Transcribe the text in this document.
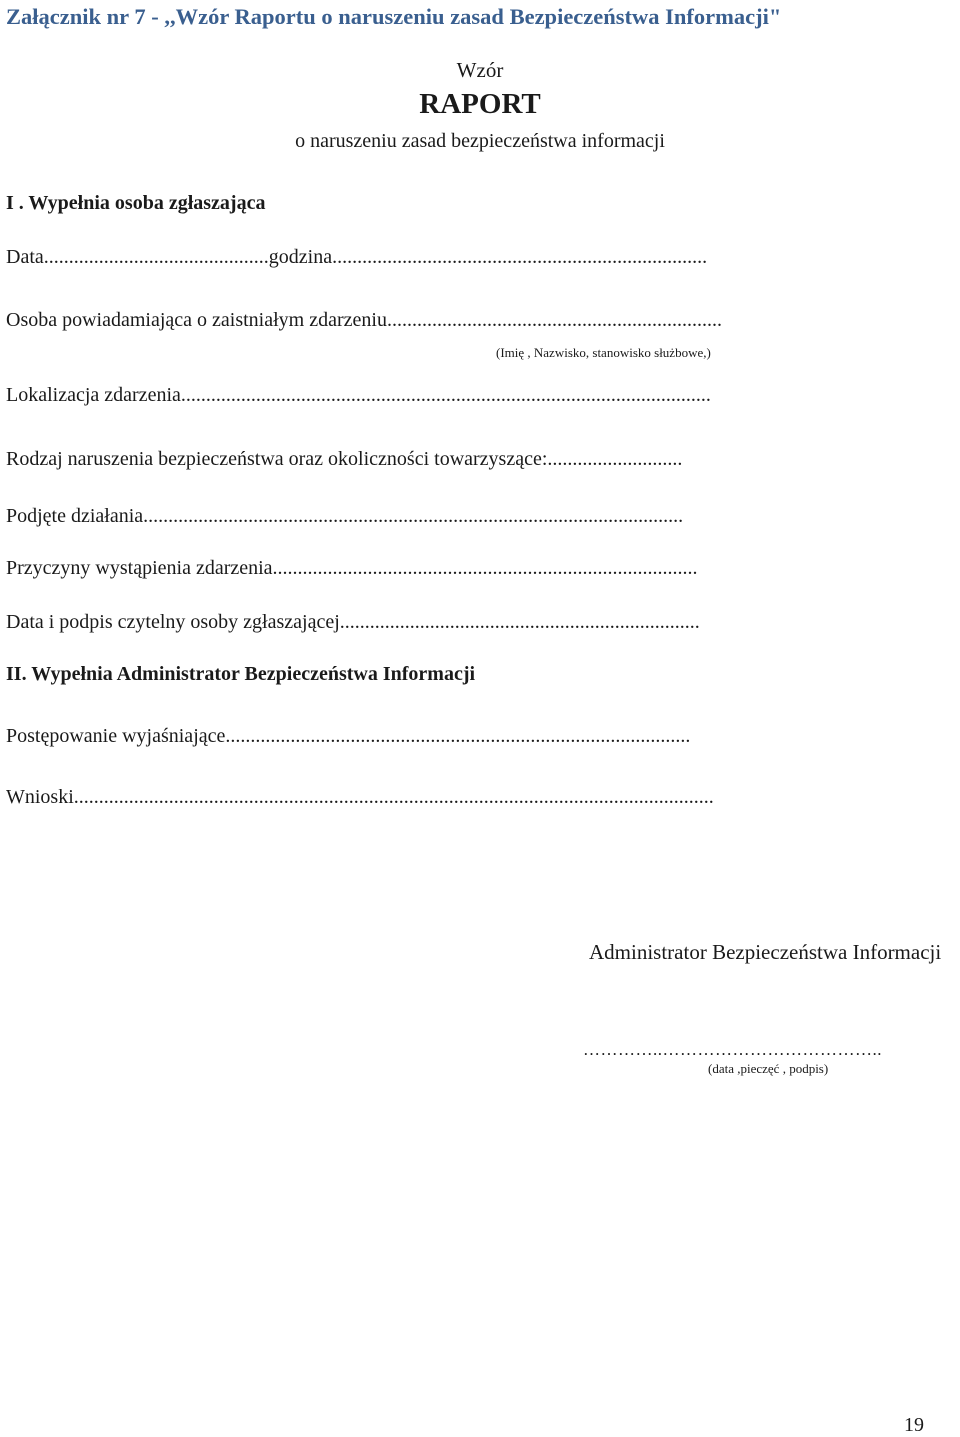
Załącznik nr 7 - ,,Wzór Raportu o naruszeniu zasad Bezpieczeństwa Informacji"
Wzór
RAPORT
o naruszeniu zasad bezpieczeństwa informacji
I . Wypełnia osoba zgłaszająca
Data.............................................godzina...........................................................................
Osoba powiadamiająca o zaistniałym zdarzeniu...................................................................
(Imię , Nazwisko, stanowisko służbowe,)
Lokalizacja zdarzenia..........................................................................................................
Rodzaj naruszenia bezpieczeństwa oraz okoliczności towarzyszące:...........................
Podjęte działania............................................................................................................
Przyczyny wystąpienia zdarzenia.....................................................................................
Data i podpis czytelny osoby zgłaszającej........................................................................
II. Wypełnia Administrator Bezpieczeństwa Informacji
Postępowanie wyjaśniające.............................................................................................
Wnioski................................................................................................................................
Administrator Bezpieczeństwa Informacji
…………..………………………………..
(data ,pieczęć , podpis)
19
